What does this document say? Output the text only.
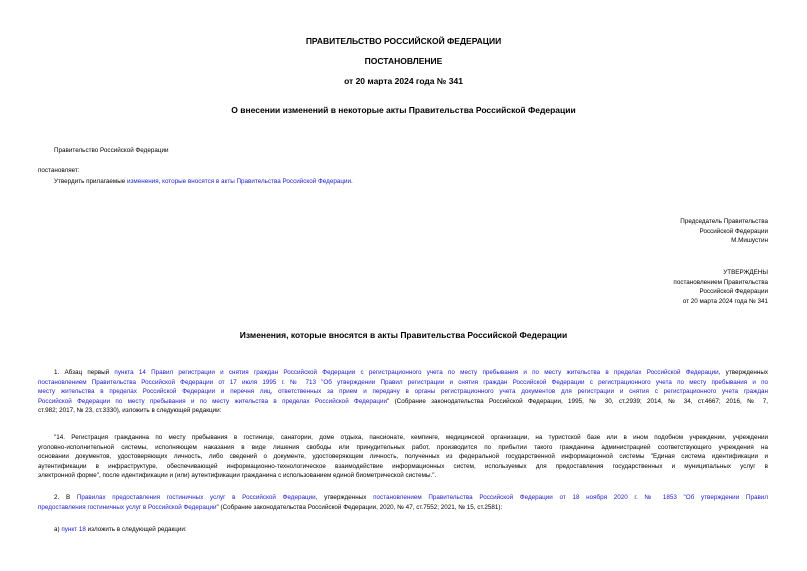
ПРАВИТЕЛЬСТВО РОССИЙСКОЙ ФЕДЕРАЦИИ
ПОСТАНОВЛЕНИЕ
от 20 марта 2024 года № 341
О внесении изменений в некоторые акты Правительства Российской Федерации
Правительство Российской Федерации
постановляет:
Утвердить прилагаемые изменения, которые вносятся в акты Правительства Российской Федерации.
Председатель Правительства
Российской Федерации
М.Мишустин
УТВЕРЖДЕНЫ
постановлением Правительства
Российской Федерации
от 20 марта 2024 года № 341
Изменения, которые вносятся в акты Правительства Российской Федерации
1. Абзац первый пункта 14 Правил регистрации и снятия граждан Российской Федерации с регистрационного учета по месту пребывания и по месту жительства в пределах Российской Федерации, утвержденных
постановлением Правительства Российской Федерации от 17 июля 1995 г. № 713 "Об утверждении Правил регистрации и снятия граждан Российской Федерации с регистрационного учета по месту пребывания и по
месту жительства в пределах Российской Федерации и перечня лиц, ответственных за прием и передачу в органы регистрационного учета документов для регистрации и снятия с регистрационного учета граждан
Российской Федерации по месту пребывания и по месту жительства в пределах Российской Федерации" (Собрание законодательства Российской Федерации, 1995, № 30, ст.2939; 2014, № 34, ст.4667; 2016, № 7,
ст.982; 2017, № 23, ст.3330), изложить в следующей редакции:
"14. Регистрация гражданина по месту пребывания в гостинице, санатории, доме отдыха, пансионате, кемпинге, медицинской организации, на туристской базе или в ином подобном учреждении, учреждении
уголовно-исполнительной системы, исполняющем наказания в виде лишения свободы или принудительных работ, производится по прибытии такого гражданина администрацией соответствующего учреждения на
основании документов, удостоверяющих личность, либо сведений о документе, удостоверяющем личность, полученных из федеральной государственной информационной системы "Единая система идентификации и
аутентификации в инфраструктуре, обеспечивающей информационно-технологическое взаимодействие информационных систем, используемых для предоставления государственных и муниципальных услуг в
электронной форме", после идентификации и (или) аутентификации гражданина с использованием единой биометрической системы.".
2. В Правилах предоставления гостиничных услуг в Российской Федерации, утвержденных постановлением Правительства Российской Федерации от 18 ноября 2020 г. № 1853 "Об утверждении Правил
предоставления гостиничных услуг в Российской Федерации" (Собрание законодательства Российской Федерации, 2020, № 47, ст.7552; 2021, № 15, ст.2581):
а) пункт 18 изложить в следующей редакции:
